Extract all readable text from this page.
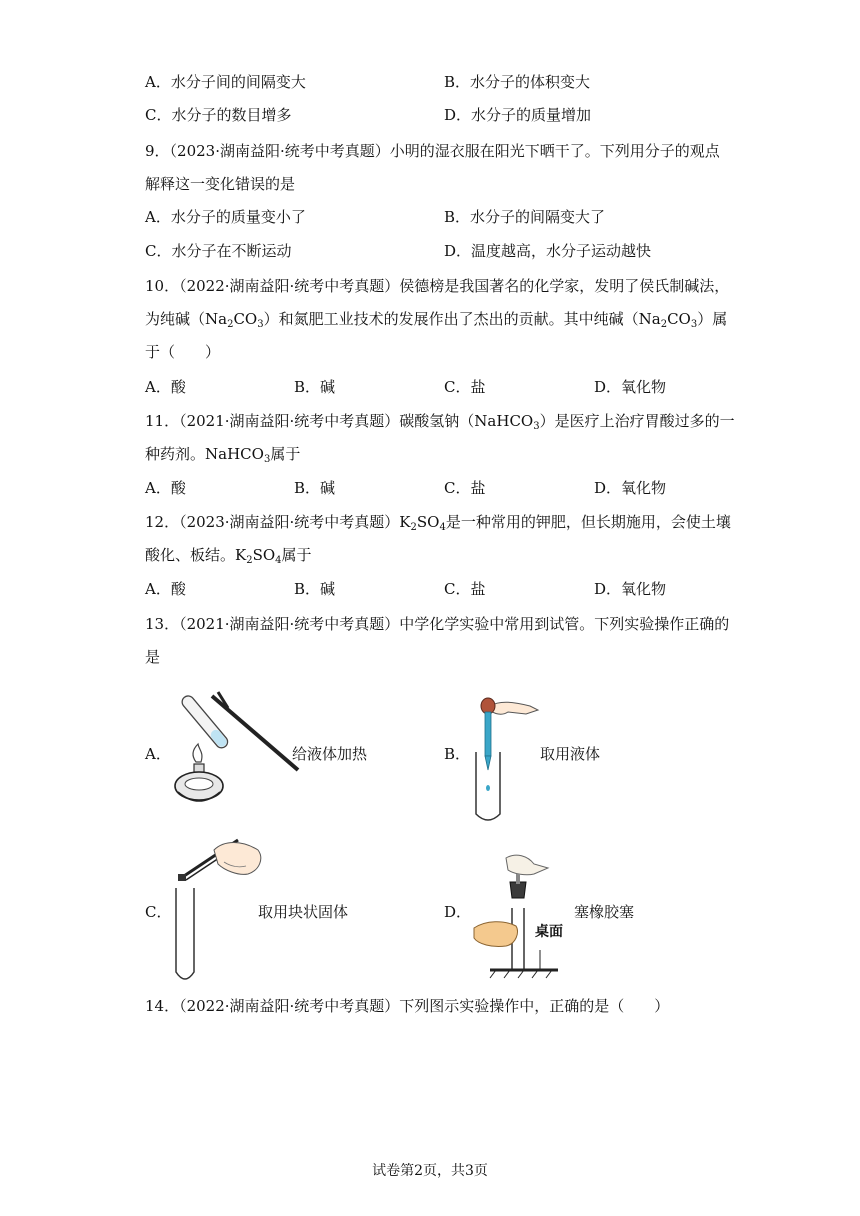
A．水分子间的间隔变大	B．水分子的体积变大
C．水分子的数目增多	D．水分子的质量增加
9．（2023·湖南益阳·统考中考真题）小明的湿衣服在阳光下晒干了。下列用分子的观点
解释这一变化错误的是
A．水分子的质量变小了	B．水分子的间隔变大了
C．水分子在不断运动	D．温度越高，水分子运动越快
10．（2022·湖南益阳·统考中考真题）侯德榜是我国著名的化学家，发明了侯氏制碱法，
为纯碱$(Na_2CO_3)$和氮肥工业技术的发展作出了杰出的贡献。其中纯碱$(Na_2CO_3)$属
于（　　）
A．酸	B．碱	C．盐	D．氧化物
11．（2021·湖南益阳·统考中考真题）碳酸氢钠（NaHCO$_3$）是医疗上治疗胃酸过多的一
种药剂。NaHCO$_3$属于
A．酸	B．碱	C．盐	D．氧化物
12．（2023·湖南益阳·统考中考真题）$K_2SO_4$是一种常用的钾肥，但长期施用，会使土壤
酸化、板结。$K_2SO_4$属于
A．酸	B．碱	C．盐	D．氧化物
13．（2021·湖南益阳·统考中考真题）中学化学实验中常用到试管。下列实验操作正确的
是
A．	给液体加热	B．	取用液体
C．	取用块状固体	D．
桌面
塞橡胶塞
14．（2022·湖南益阳·统考中考真题）下列图示实验操作中，正确的是（　　）
试卷第2页，共3页
